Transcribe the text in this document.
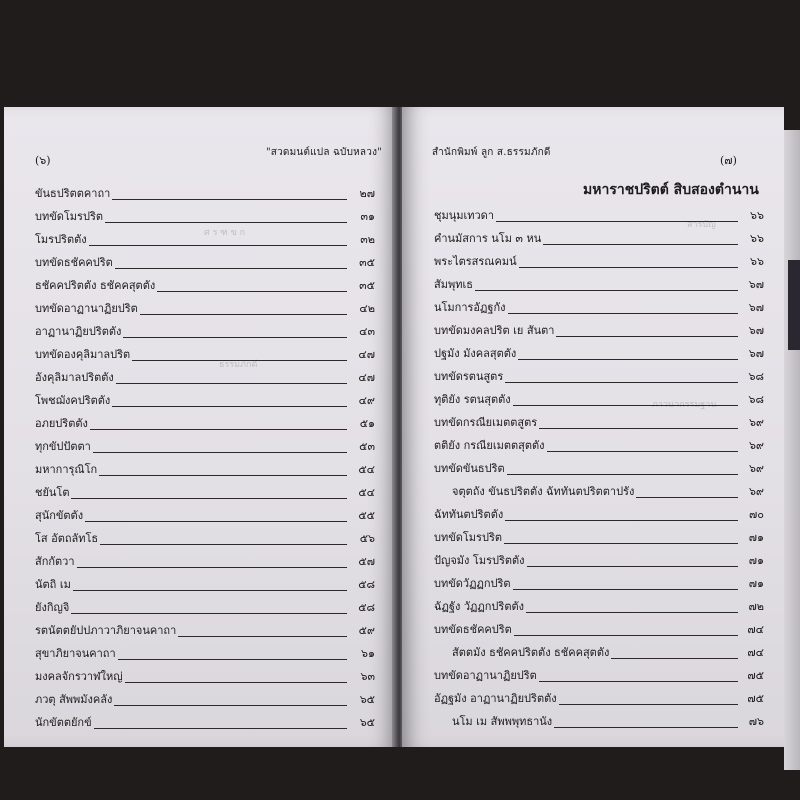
ศ ร ฑ ข ก
ธรรมภักดี
(๖)
"สวดมนต์แปล ฉบับหลวง"
ขันธปริตตคาถา	๒๗
บทขัดโมรปริต	๓๑
โมรปริตตัง	๓๒
บทขัดธชัคคปริต	๓๕
ธชัคคปริตตัง ธชัคคสุตตัง	๓๕
บทขัดอาฏานาฏิยปริต	๔๒
อาฏานาฏิยปริตตัง	๔๓
บทขัดองคุลิมาลปริต	๔๗
อังคุลิมาลปริตตัง	๔๗
โพชฌังคปริตตัง	๔๙
อภยปริตตัง	๕๑
ทุกขัปปัตตา	๕๓
มหาการุณิโก	๕๔
ชยันโต	๕๔
สุนักขัตตัง	๕๕
โส อัตถลัทโธ	๕๖
สักกัตวา	๕๗
นัตถิ เม	๕๘
ยังกิญจิ	๕๘
รตนัตตยัปปภาวาภิยาจนคาถา	๕๙
สุขาภิยาจนคาถา	๖๑
มงคลจักรวาฬใหญ่	๖๓
ภวตุ สัพพมังคลัง	๖๕
นักขัตตยักข์	๖๕
สารบัญ
ภาวนากรรมฐาน
สำนักพิมพ์ ลูก ส.ธรรมภักดี
(๗)
มหาราชปริตต์ สิบสองตำนาน
ชุมนุมเทวดา	๖๖
คำนมัสการ นโม ๓ หน	๖๖
พระไตรสรณคมน์	๖๖
สัมพุทเธ	๖๗
นโมการอัฏฐกัง	๖๗
บทขัดมงคลปริต เย สันตา	๖๗
ปฐมัง มังคลสุตตัง	๖๗
บทขัดรตนสูตร	๖๘
ทุติยัง รตนสุตตัง	๖๘
บทขัดกรณียเมตตสูตร	๖๙
ตติยัง กรณียเมตตสุตตัง	๖๙
บทขัดขันธปริต	๖๙
จตุตถัง ขันธปริตตัง ฉัททันตปริตตาปรัง	๖๙
ฉัททันตปริตตัง	๗๐
บทขัดโมรปริต	๗๑
ปัญจมัง โมรปริตตัง	๗๑
บทขัดวัฏฏกปริต	๗๑
ฉัฏฐัง วัฏฏกปริตตัง	๗๒
บทขัดธชัคคปริต	๗๔
สัตตมัง ธชัคคปริตตัง ธชัคคสุตตัง	๗๔
บทขัดอาฏานาฏิยปริต	๗๕
อัฏฐมัง อาฏานาฏิยปริตตัง	๗๕
นโม เม สัพพพุทธานัง	๗๖
